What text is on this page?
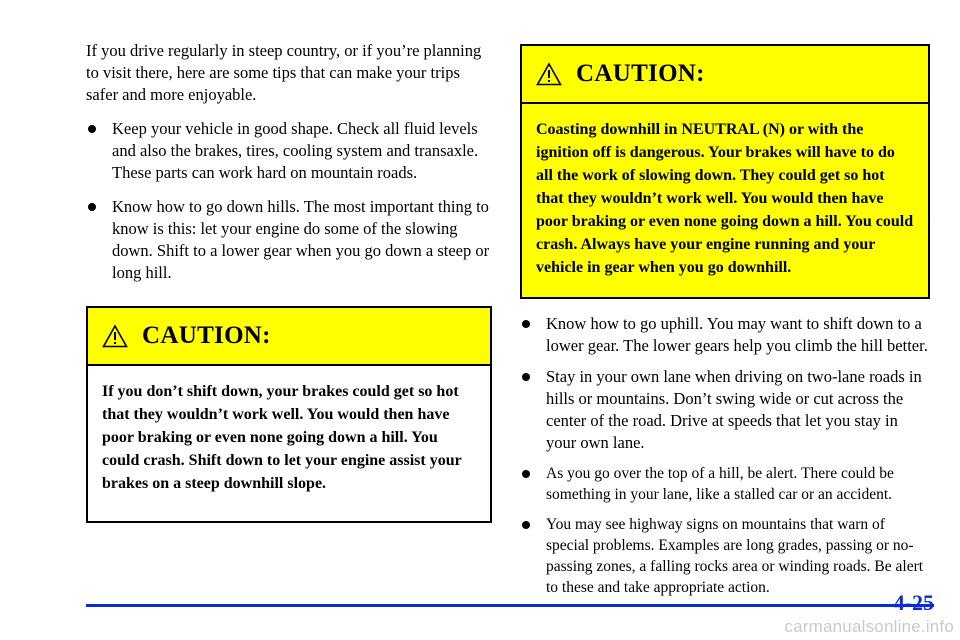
If you drive regularly in steep country, or if you’re planning to visit there, here are some tips that can make your trips safer and more enjoyable.

Keep your vehicle in good shape. Check all fluid levels and also the brakes, tires, cooling system and transaxle. These parts can work hard on mountain roads.
Know how to go down hills. The most important thing to know is this: let your engine do some of the slowing down. Shift to a lower gear when you go down a steep or long hill.
CAUTION:
If you don’t shift down, your brakes could get so hot that they wouldn’t work well. You would then have poor braking or even none going down a hill. You could crash. Shift down to let your engine assist your brakes on a steep downhill slope.
CAUTION:
Coasting downhill in NEUTRAL (N) or with the ignition off is dangerous. Your brakes will have to do all the work of slowing down. They could get so hot that they wouldn’t work well. You would then have poor braking or even none going down a hill. You could crash. Always have your engine running and your vehicle in gear when you go downhill.
Know how to go uphill. You may want to shift down to a lower gear. The lower gears help you climb the hill better.
Stay in your own lane when driving on two-lane roads in hills or mountains. Don’t swing wide or cut across the center of the road. Drive at speeds that let you stay in your own lane.
As you go over the top of a hill, be alert. There could be something in your lane, like a stalled car or an accident.
You may see highway signs on mountains that warn of special problems. Examples are long grades, passing or no-passing zones, a falling rocks area or winding roads. Be alert to these and take appropriate action.
4-25
carmanualsonline.info
